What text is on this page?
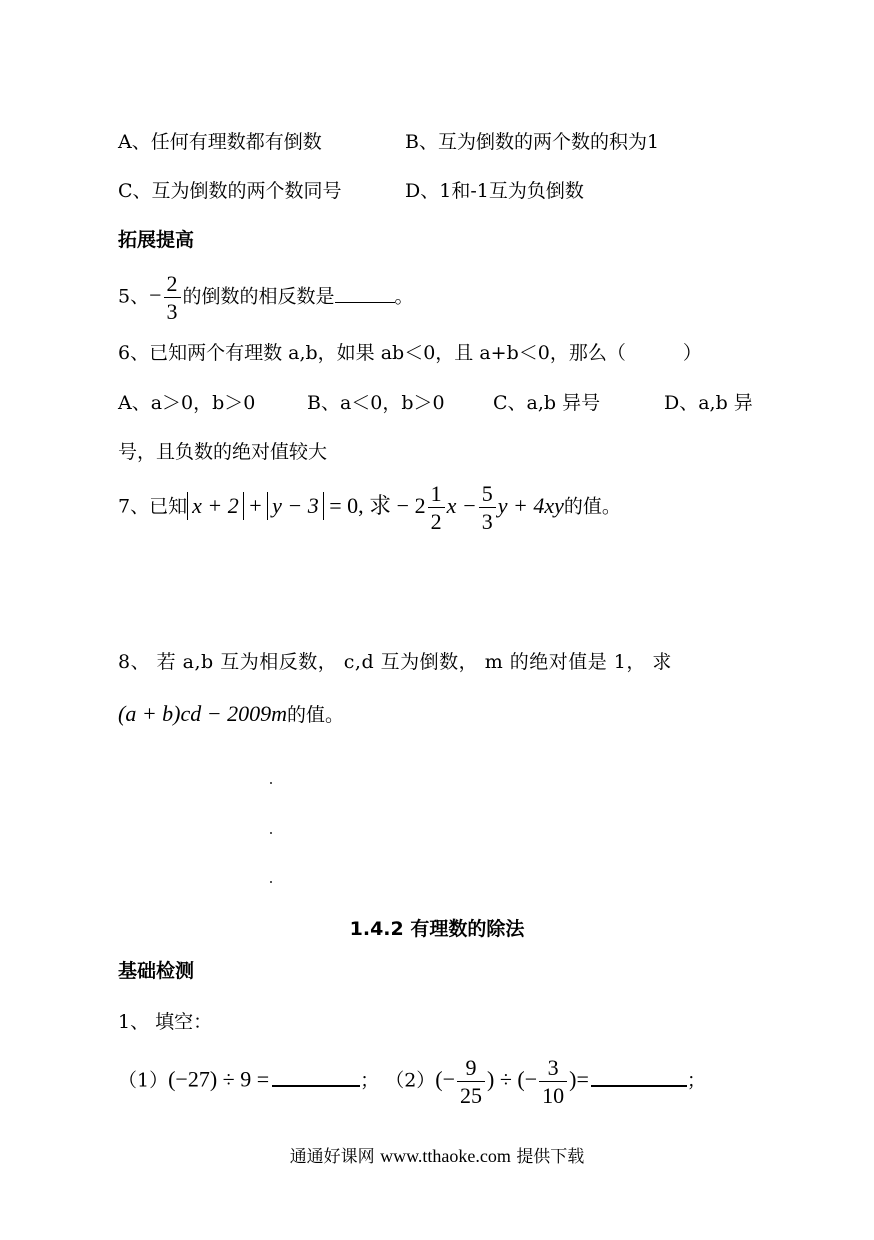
A、任何有理数都有倒数	B、互为倒数的两个数的积为1
C、互为倒数的两个数同号	D、1和-1互为负倒数
拓展提高
5、− $\frac{2}{3}$ 的倒数的相反数是	。
6、已知两个有理数 a,b，如果 ab＜0，且 a+b＜0，那么（　　　）
A、a＞0，b＞0	B、a＜0，b＞0	C、a,b 异号	D、a,b 异
号，且负数的绝对值较大
7、已知 x + 2 + y − 3 = 0, 求 − $2 \frac{1}{2}$ $x - \frac{5}{3}$ y + 4xy的值。
8、 若 a,b 互为相反数， c,d 互为倒数， m 的绝对值是 1， 求
(a + b)cd − 2009m的值。
1.4.2 有理数的除法
基础检测
1、 填空：
（1）(−27) ÷ 9 =	； $(2)(- \frac{9}{25}$ ) ÷ (− $\frac{3}{10}$ )=	；
通通好课网 www.tthaoke.com 提供下载
